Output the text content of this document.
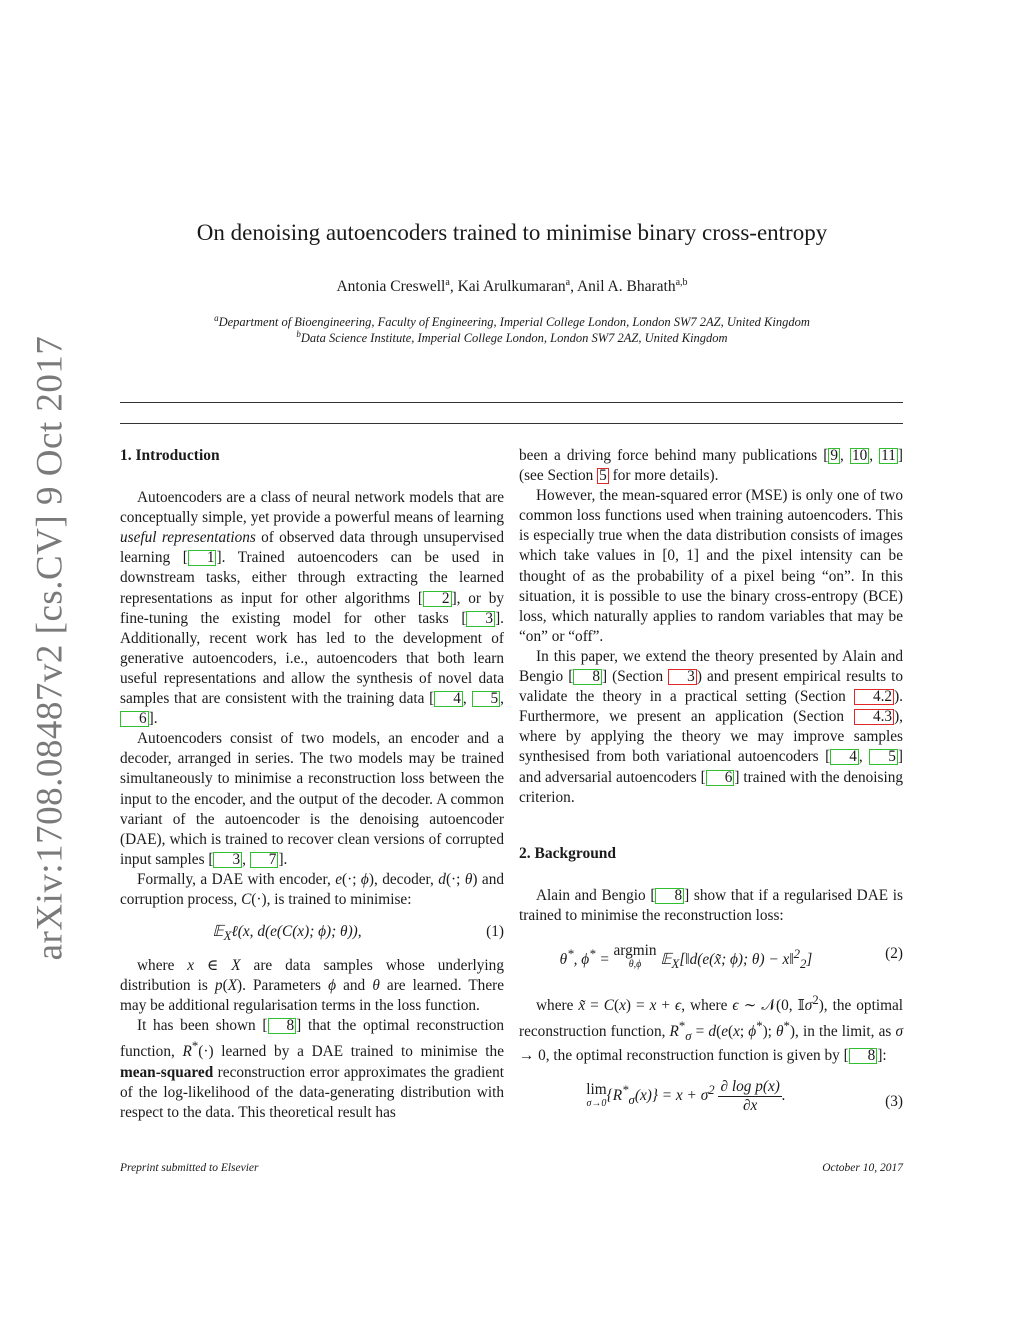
arXiv:1708.08487v2 [cs.CV] 9 Oct 2017
On denoising autoencoders trained to minimise binary cross-entropy
Antonia Creswell$^a$, Kai Arulkumaran$^a$, Anil A. Bharath$^{a,b}$
$^a$Department of Bioengineering, Faculty of Engineering, Imperial College London, London SW7 2AZ, United Kingdom
$^b$Data Science Institute, Imperial College London, London SW7 2AZ, United Kingdom
1. Introduction

Autoencoders are a class of neural network models that are conceptually simple, yet provide a powerful means of learning useful representations of observed data through unsupervised learning [ 1 ]. Trained autoencoders can be used in downstream tasks, either through extracting the learned representations as input for other algorithms [ 2 ], or by fine-tuning the existing model for other tasks [ 3 ]. Additionally, recent work has led to the development of generative autoencoders, i.e., autoencoders that both learn useful representations and allow the synthesis of novel data samples that are consistent with the training data [ 4 , 5 , 6 ].

Autoencoders consist of two models, an encoder and a decoder, arranged in series. The two models may be trained simultaneously to minimise a reconstruction loss between the input to the encoder, and the output of the decoder. A common variant of the autoencoder is the denoising autoencoder (DAE), which is trained to recover clean versions of corrupted input samples [ 3 , 7 ].

Formally, a DAE with encoder, e(·; ϕ), decoder, d(·; θ) and corruption process, C(·), is trained to minimise:

𝔼$_X$ℓ(x, d(e(C(x); ϕ); θ)),	(1)

where x ∈ X are data samples whose underlying distribution is p(X). Parameters ϕ and θ are learned. There may be additional regularisation terms in the loss function.

It has been shown [ 8 ] that the optimal reconstruction function, R*(·) learned by a DAE trained to minimise the mean-squared reconstruction error approximates the gradient of the log-likelihood of the data-generating distribution with respect to the data. This theoretical result has

been a driving force behind many publications [ 9 , 10 , 11 ] (see Section 5 for more details).

However, the mean-squared error (MSE) is only one of two common loss functions used when training autoencoders. This is especially true when the data distribution consists of images which take values in [0, 1] and the pixel intensity can be thought of as the probability of a pixel being “on”. In this situation, it is possible to use the binary cross-entropy (BCE) loss, which naturally applies to random variables that may be “on” or “off”.

In this paper, we extend the theory presented by Alain and Bengio [ 8 ] (Section 3 ) and present empirical results to validate the theory in a practical setting (Section 4.2 ). Furthermore, we present an application (Section 4.3 ), where by applying the theory we may improve samples synthesised from both variational autoencoders [ 4 , 5 ] and adversarial autoencoders [ 6 ] trained with the denoising criterion.

2. Background

Alain and Bengio [ 8 ] show that if a regularised DAE is trained to minimise the reconstruction loss:

θ*, ϕ* = argmin
θ,ϕ 𝔼$_X$[‖d(e(x̃; ϕ); θ) − x‖$^2_2$]	(2)

where x̃ = C(x) = x + ϵ, where ϵ ∼ 𝒩(0, 𝕀σ$^2$), the optimal reconstruction function, $R^*_\sigma = d(e(x$; ϕ*); θ*), in the limit, as σ → 0, the optimal reconstruction function is given by [ 8 ]:

lim
σ→0 $\{R^*_\sigma(x)\} = x + \sigma^2 \frac{\text{∂ log p(x)}}{\partial x}$ .	(3)
Preprint submitted to Elsevier	October 10, 2017
